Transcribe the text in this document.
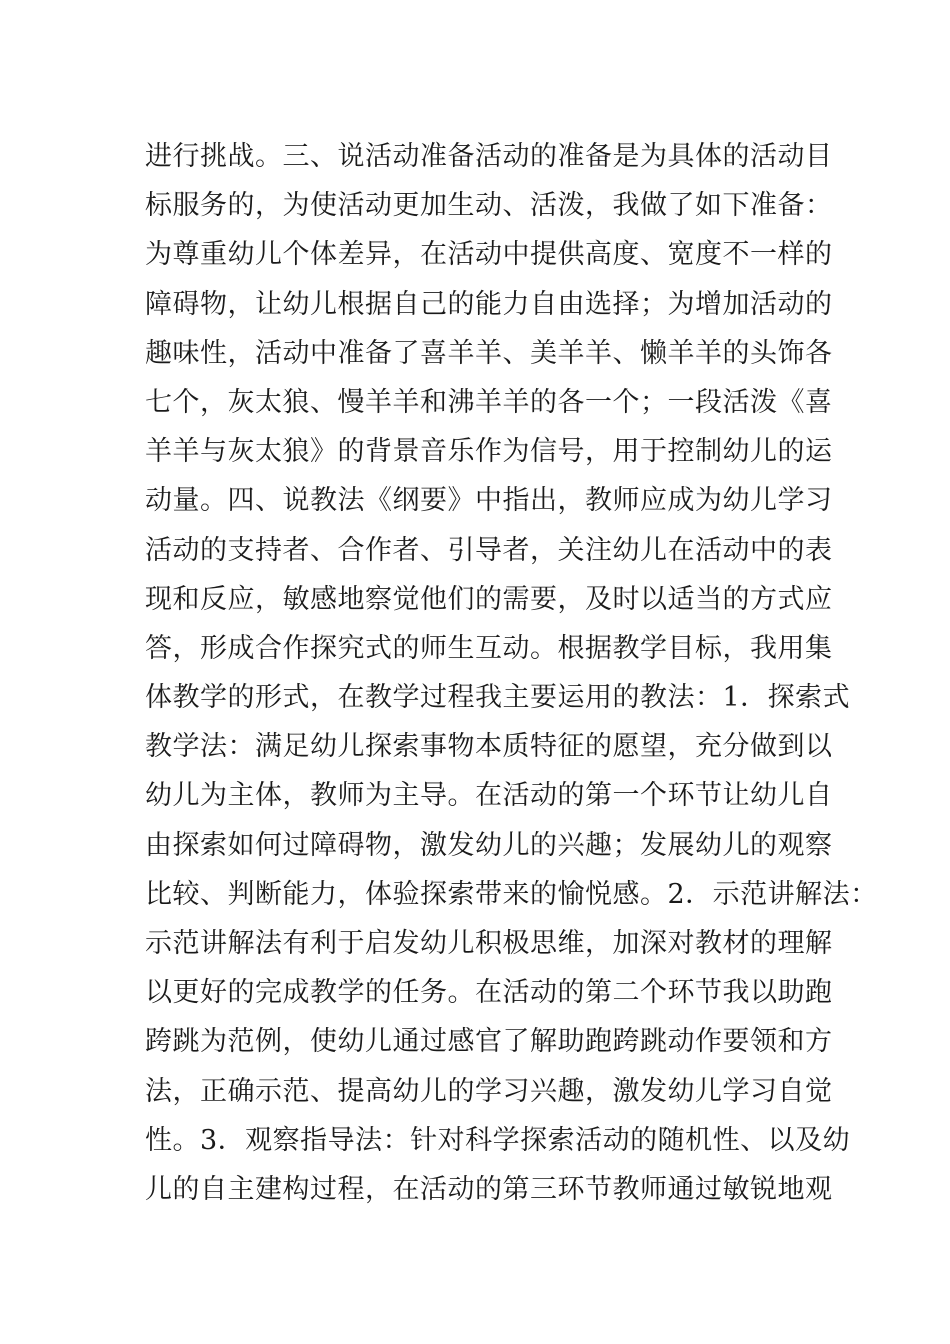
进行挑战。三、说活动准备活动的准备是为具体的活动目
标服务的，为使活动更加生动、活泼，我做了如下准备：
为尊重幼儿个体差异，在活动中提供高度、宽度不一样的
障碍物，让幼儿根据自己的能力自由选择；为增加活动的
趣味性，活动中准备了喜羊羊、美羊羊、懒羊羊的头饰各
七个，灰太狼、慢羊羊和沸羊羊的各一个；一段活泼《喜
羊羊与灰太狼》的背景音乐作为信号，用于控制幼儿的运
动量。四、说教法《纲要》中指出，教师应成为幼儿学习
活动的支持者、合作者、引导者，关注幼儿在活动中的表
现和反应，敏感地察觉他们的需要，及时以适当的方式应
答，形成合作探究式的师生互动。根据教学目标，我用集
体教学的形式，在教学过程我主要运用的教法：1．探索式
教学法：满足幼儿探索事物本质特征的愿望，充分做到以
幼儿为主体，教师为主导。在活动的第一个环节让幼儿自
由探索如何过障碍物，激发幼儿的兴趣；发展幼儿的观察
比较、判断能力，体验探索带来的愉悦感。2．示范讲解法：
示范讲解法有利于启发幼儿积极思维，加深对教材的理解
以更好的完成教学的任务。在活动的第二个环节我以助跑
跨跳为范例，使幼儿通过感官了解助跑跨跳动作要领和方
法，正确示范、提高幼儿的学习兴趣，激发幼儿学习自觉
性。3．观察指导法：针对科学探索活动的随机性、以及幼
儿的自主建构过程，在活动的第三环节教师通过敏锐地观
